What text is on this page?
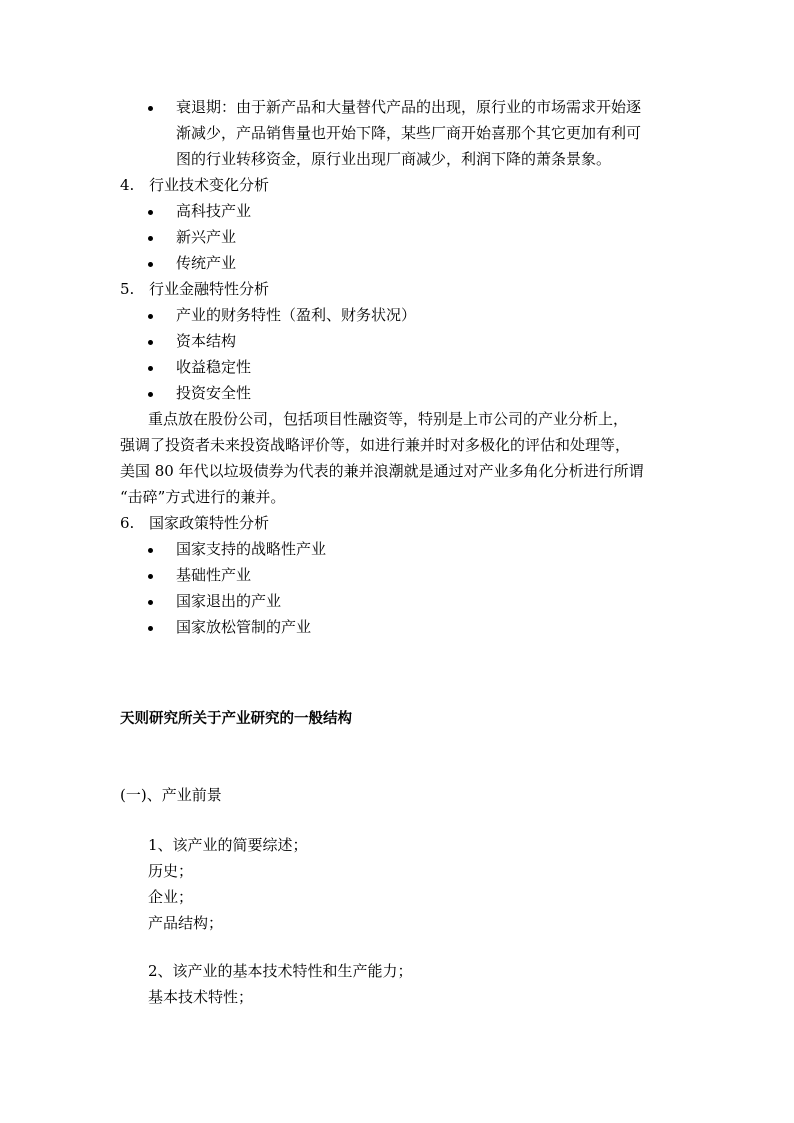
衰退期：由于新产品和大量替代产品的出现，原行业的市场需求开始逐
渐减少，产品销售量也开始下降，某些厂商开始喜那个其它更加有利可
图的行业转移资金，原行业出现厂商减少，利润下降的萧条景象。
4. 行业技术变化分析
高科技产业
新兴产业
传统产业
5. 行业金融特性分析
产业的财务特性（盈利、财务状况）
资本结构
收益稳定性
投资安全性
重点放在股份公司，包括项目性融资等，特别是上市公司的产业分析上，
强调了投资者未来投资战略评价等，如进行兼并时对多极化的评估和处理等，
美国 80 年代以垃圾债券为代表的兼并浪潮就是通过对产业多角化分析进行所谓
“击碎”方式进行的兼并。
6. 国家政策特性分析
国家支持的战略性产业
基础性产业
国家退出的产业
国家放松管制的产业
天则研究所关于产业研究的一般结构
(一)、产业前景
1、该产业的简要综述；
历史；
企业；
产品结构；
2、该产业的基本技术特性和生产能力；
基本技术特性；
